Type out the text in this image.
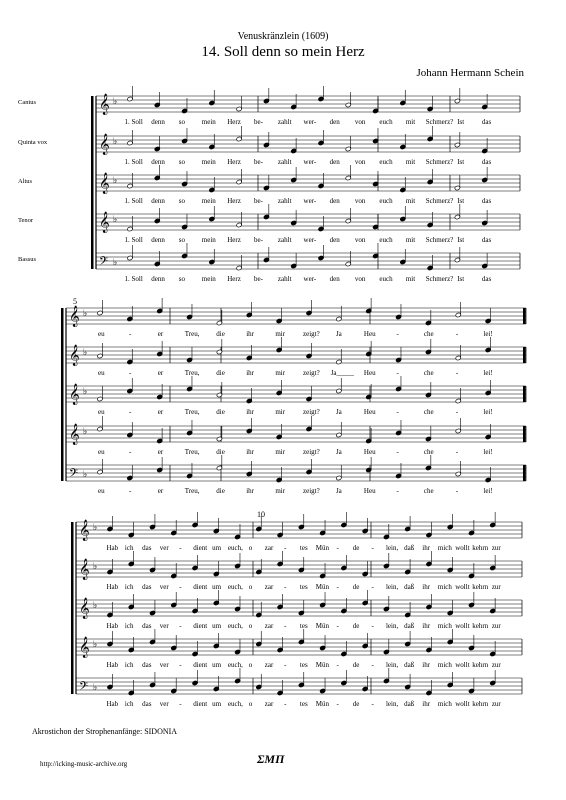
Venuskränzlein (1609)
14. Soll denn so mein Herz
Johann Hermann Schein
Cantus
Quinta vox
Altus
Tenor
Bassus
𝄞 ♭
𝄞 ♭
𝄞 ♭
𝄞 ♭
𝄢 ♭
𝄞 ♭
𝄞 ♭
𝄞 ♭
𝄞 ♭
𝄢 ♭
𝄞 ♭
𝄞 ♭
𝄞 ♭
𝄞 ♭
𝄢 ♭
1. Soll denn so mein Herz be- zahlt wer- den von euch mit Schmerz? Ist	das
1. Soll denn so mein Herz be- zahlt wer- den von euch mit Schmerz? Ist	das
1. Soll denn so mein Herz be- zahlt wer- den von euch mit Schmerz? Ist	das
1. Soll denn so mein Herz be- zahlt wer- den von euch mit Schmerz? Ist	das
1. Soll denn so mein Herz be- zahlt wer- den von euch mit Schmerz? Ist	das
eu	-	er	Treu, die	ihr	mir	zeigt? Ja	Heu	-	che	-	lei!
eu	-	er	Treu, die	ihr	mir	zeigt? Ja_____ Heu	-	che	-	lei!
eu	-	er	Treu, die	ihr	mir	zeigt? Ja	Heu	-	che	-	lei!
eu	-	er	Treu, die	ihr	mir	zeigt? Ja	Heu	-	che	-	lei!
eu	-	er	Treu, die	ihr	mir	zeigt? Ja	Heu	-	che	-	lei!
Hab ich das ver - dient um euch, o zar - tes Mün - de - lein, daß ihr mich wollt kehrn zur
Hab ich das ver - dient um euch, o zar - tes Mün - de - lein, daß ihr mich wollt kehrn zur
Hab ich das ver - dient um euch, o zar - tes Mün - de - lein, daß ihr mich wollt kehrn zur
Hab ich das ver - dient um euch, o zar - tes Mün - de - lein, daß ihr mich wollt kehrn zur
Hab ich das ver - dient um euch, o zar - tes Mün - de - lein, daß ihr mich wollt kehrn zur
5
10
Akrostichon der Strophenanfänge: SIDONIA
http://icking-music-archive.org	ΣΜΠ
